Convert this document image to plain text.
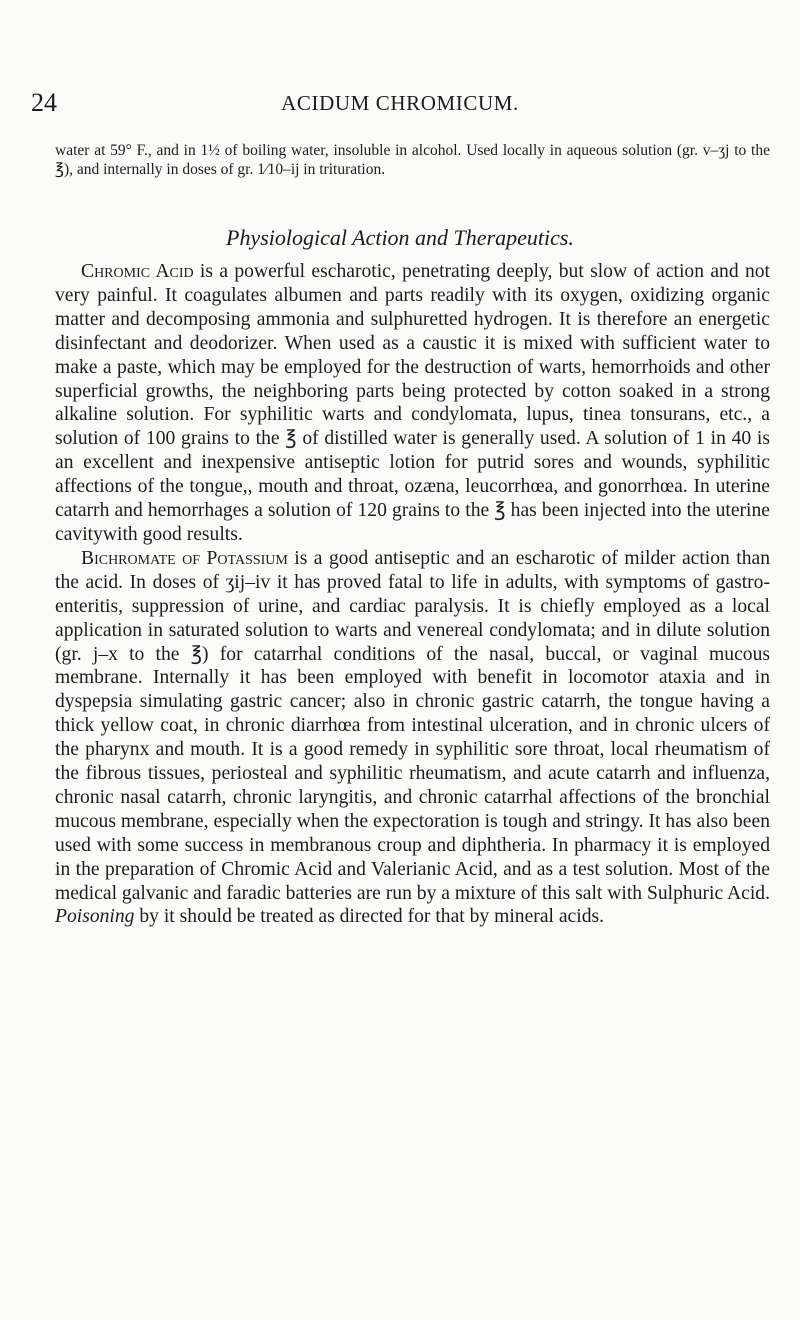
24	ACIDUM CHROMICUM.
water at 59° F., and in 1½ of boiling water, insoluble in alcohol. Used locally in aqueous solution (gr. v–ʒj to the ℥), and internally in doses of gr. 1⁄10–ij in trituration.
Physiological Action and Therapeutics.

Chromic Acid is a powerful escharotic, penetrating deeply, but slow of action and not very painful. It coagulates albumen and parts readily with its oxygen, oxidizing organic matter and decomposing ammonia and sulphuretted hydrogen. It is therefore an energetic disinfectant and deodorizer. When used as a caustic it is mixed with sufficient water to make a paste, which may be employed for the destruction of warts, hemorrhoids and other superficial growths, the neighboring parts being protected by cotton soaked in a strong alkaline solution. For syphilitic warts and condylomata, lupus, tinea tonsurans, etc., a solution of 100 grains to the ℥ of distilled water is generally used. A solution of 1 in 40 is an excellent and inexpensive antiseptic lotion for putrid sores and wounds, syphilitic affections of the tongue,, mouth and throat, ozæna, leucorrhœa, and gonorrhœa. In uterine catarrh and hemorrhages a solution of 120 grains to the ℥ has been injected into the uterine cavitywith good results.

Bichromate of Potassium is a good antiseptic and an escharotic of milder action than the acid. In doses of ʒij–iv it has proved fatal to life in adults, with symptoms of gastro-enteritis, suppression of urine, and cardiac paralysis. It is chiefly employed as a local application in saturated solution to warts and venereal condylomata; and in dilute solution (gr. j–x to the ℥) for catarrhal conditions of the nasal, buccal, or vaginal mucous membrane. Internally it has been employed with benefit in locomotor ataxia and in dyspepsia simulating gastric cancer; also in chronic gastric catarrh, the tongue having a thick yellow coat, in chronic diarrhœa from intestinal ulceration, and in chronic ulcers of the pharynx and mouth. It is a good remedy in syphilitic sore throat, local rheumatism of the fibrous tissues, periosteal and syphilitic rheumatism, and acute catarrh and influenza, chronic nasal catarrh, chronic laryngitis, and chronic catarrhal affections of the bronchial mucous membrane, especially when the expectoration is tough and stringy. It has also been used with some success in membranous croup and diphtheria. In pharmacy it is employed in the preparation of Chromic Acid and Valerianic Acid, and as a test solution. Most of the medical galvanic and faradic batteries are run by a mixture of this salt with Sulphuric Acid. Poisoning by it should be treated as directed for that by mineral acids.
